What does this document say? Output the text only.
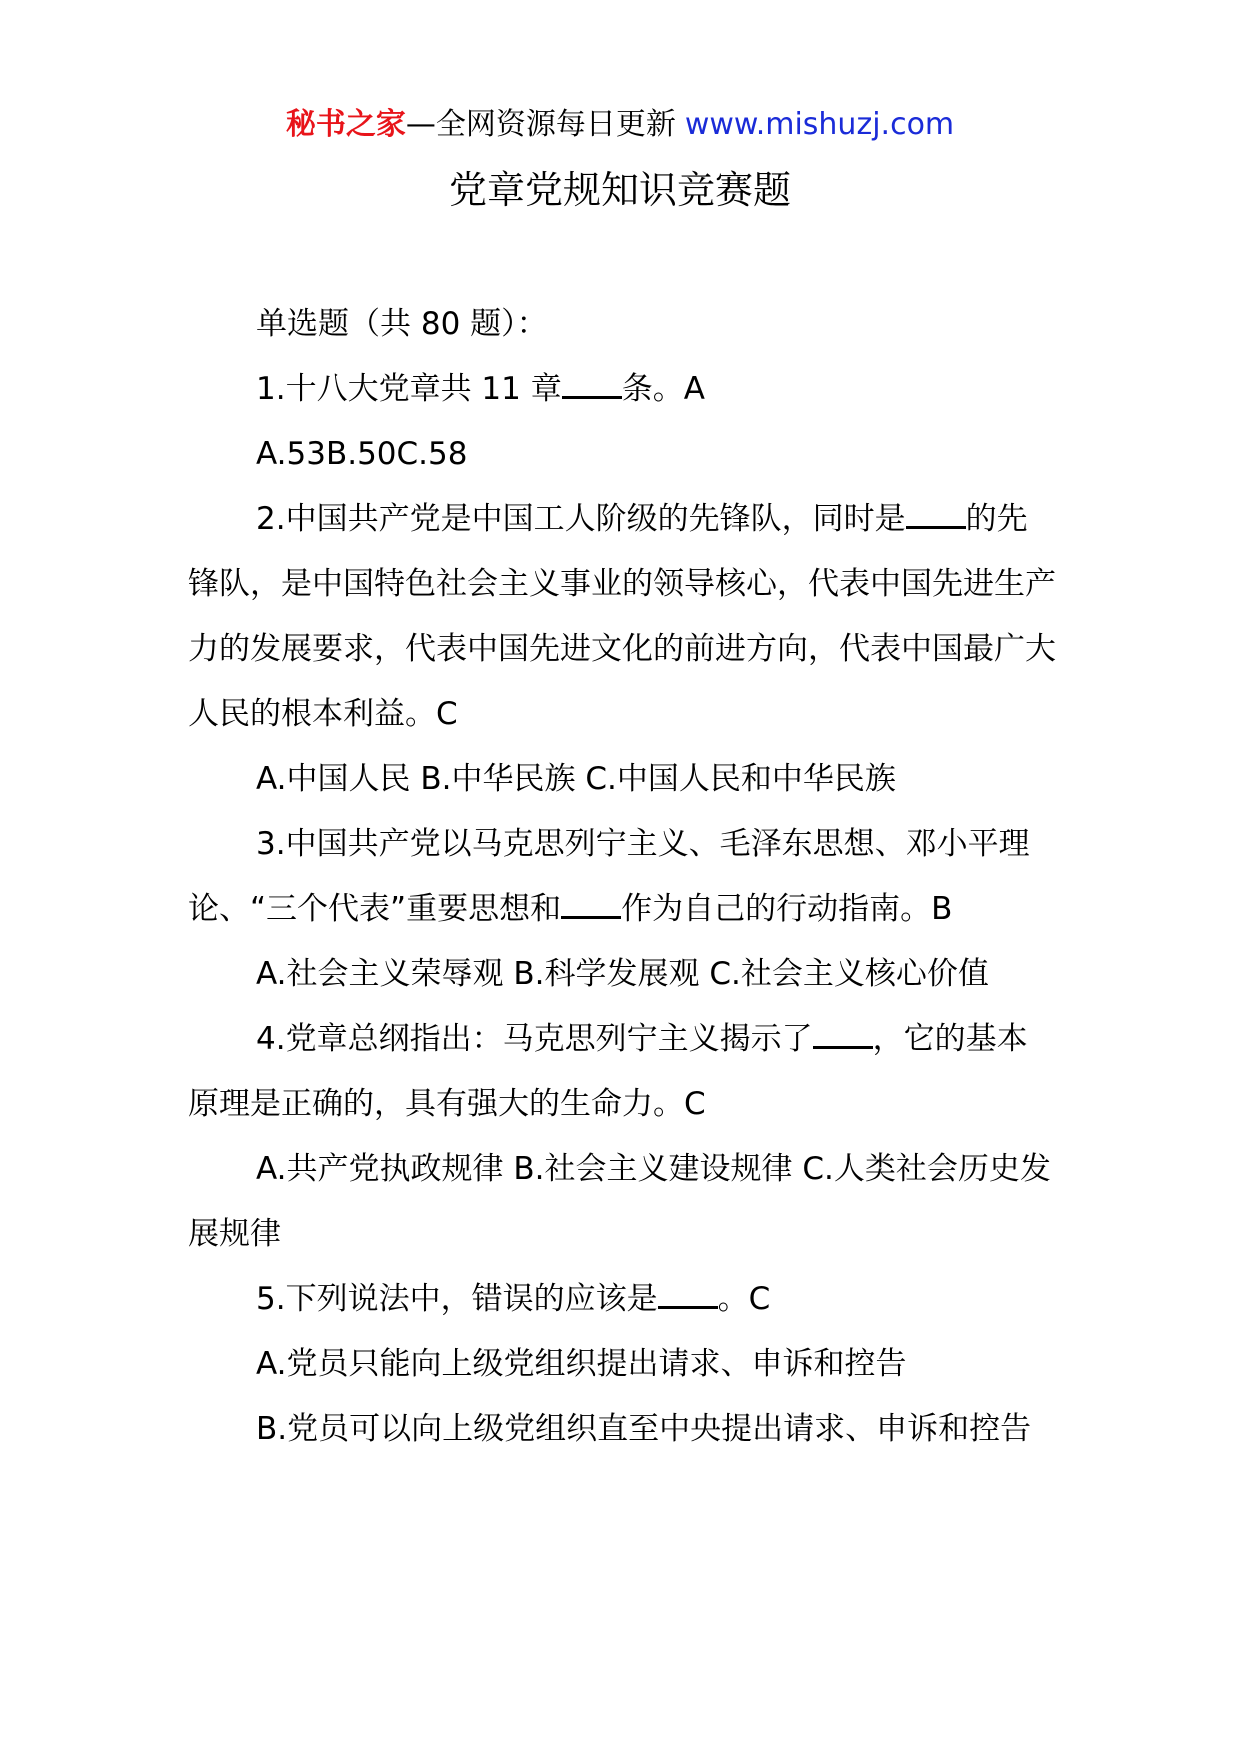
秘书之家—全网资源每日更新 www.mishuzj.com
党章党规知识竞赛题

单选题（共 80 题）：

1.十八大党章共 11 章 条。A

A.53B.50C.58

2.中国共产党是中国工人阶级的先锋队，同时是 的先锋队，是中国特色社会主义事业的领导核心，代表中国先进生产力的发展要求，代表中国先进文化的前进方向，代表中国最广大人民的根本利益。C

A.中国人民 B.中华民族 C.中国人民和中华民族

3.中国共产党以马克思列宁主义、毛泽东思想、邓小平理论、“三个代表”重要思想和 作为自己的行动指南。B

A.社会主义荣辱观 B.科学发展观 C.社会主义核心价值

4.党章总纲指出：马克思列宁主义揭示了 ，它的基本原理是正确的，具有强大的生命力。C

A.共产党执政规律 B.社会主义建设规律 C.人类社会历史发展规律

5.下列说法中，错误的应该是 。C

A.党员只能向上级党组织提出请求、申诉和控告

B.党员可以向上级党组织直至中央提出请求、申诉和控告
